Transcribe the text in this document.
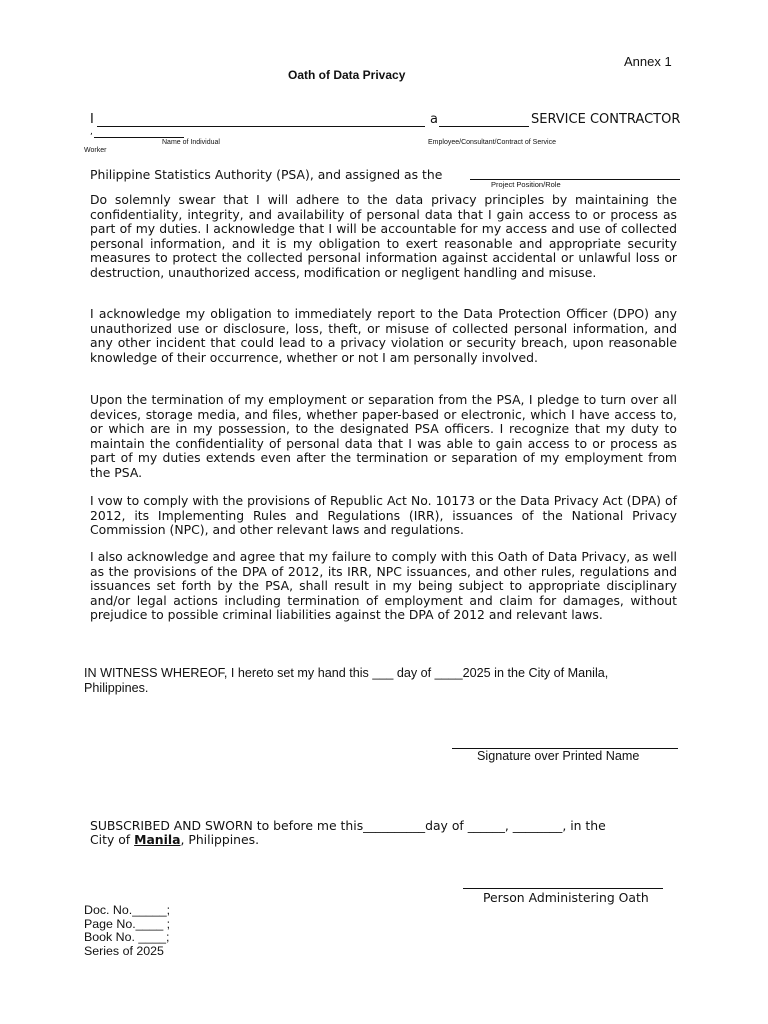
Annex 1
Oath of Data Privacy
I	a	SERVICE CONTRACTOR
,
Name of Individual	Employee/Consultant/Contract of Service
Worker
Philippine Statistics Authority (PSA), and assigned as the
Project Position/Role

Do solemnly swear that I will adhere to the data privacy principles by maintaining the confidentiality, integrity, and availability of personal data that I gain access to or process as part of my duties. I acknowledge that I will be accountable for my access and use of collected personal information, and it is my obligation to exert reasonable and appropriate security measures to protect the collected personal information against accidental or unlawful loss or destruction, unauthorized access, modification or negligent handling and misuse.

I acknowledge my obligation to immediately report to the Data Protection Officer (DPO) any unauthorized use or disclosure, loss, theft, or misuse of collected personal information, and any other incident that could lead to a privacy violation or security breach, upon reasonable knowledge of their occurrence, whether or not I am personally involved.

Upon the termination of my employment or separation from the PSA, I pledge to turn over all devices, storage media, and files, whether paper-based or electronic, which I have access to, or which are in my possession, to the designated PSA officers. I recognize that my duty to maintain the confidentiality of personal data that I was able to gain access to or process as part of my duties extends even after the termination or separation of my employment from the PSA.

I vow to comply with the provisions of Republic Act No. 10173 or the Data Privacy Act (DPA) of 2012, its Implementing Rules and Regulations (IRR), issuances of the National Privacy Commission (NPC), and other relevant laws and regulations.

I also acknowledge and agree that my failure to comply with this Oath of Data Privacy, as well as the provisions of the DPA of 2012, its IRR, NPC issuances, and other rules, regulations and issuances set forth by the PSA, shall result in my being subject to appropriate disciplinary and/or legal actions including termination of employment and claim for damages, without prejudice to possible criminal liabilities against the DPA of 2012 and relevant laws.

IN WITNESS WHEREOF, I hereto set my hand this ___ day of ____2025 in the City of Manila,
Philippines.
Signature over Printed Name
SUBSCRIBED AND SWORN to before me this__________day of ______, ________, in the
City of Manila, Philippines.
Person Administering Oath
Doc. No._____;
Page No.____ ;
Book No. ____;
Series of 2025
